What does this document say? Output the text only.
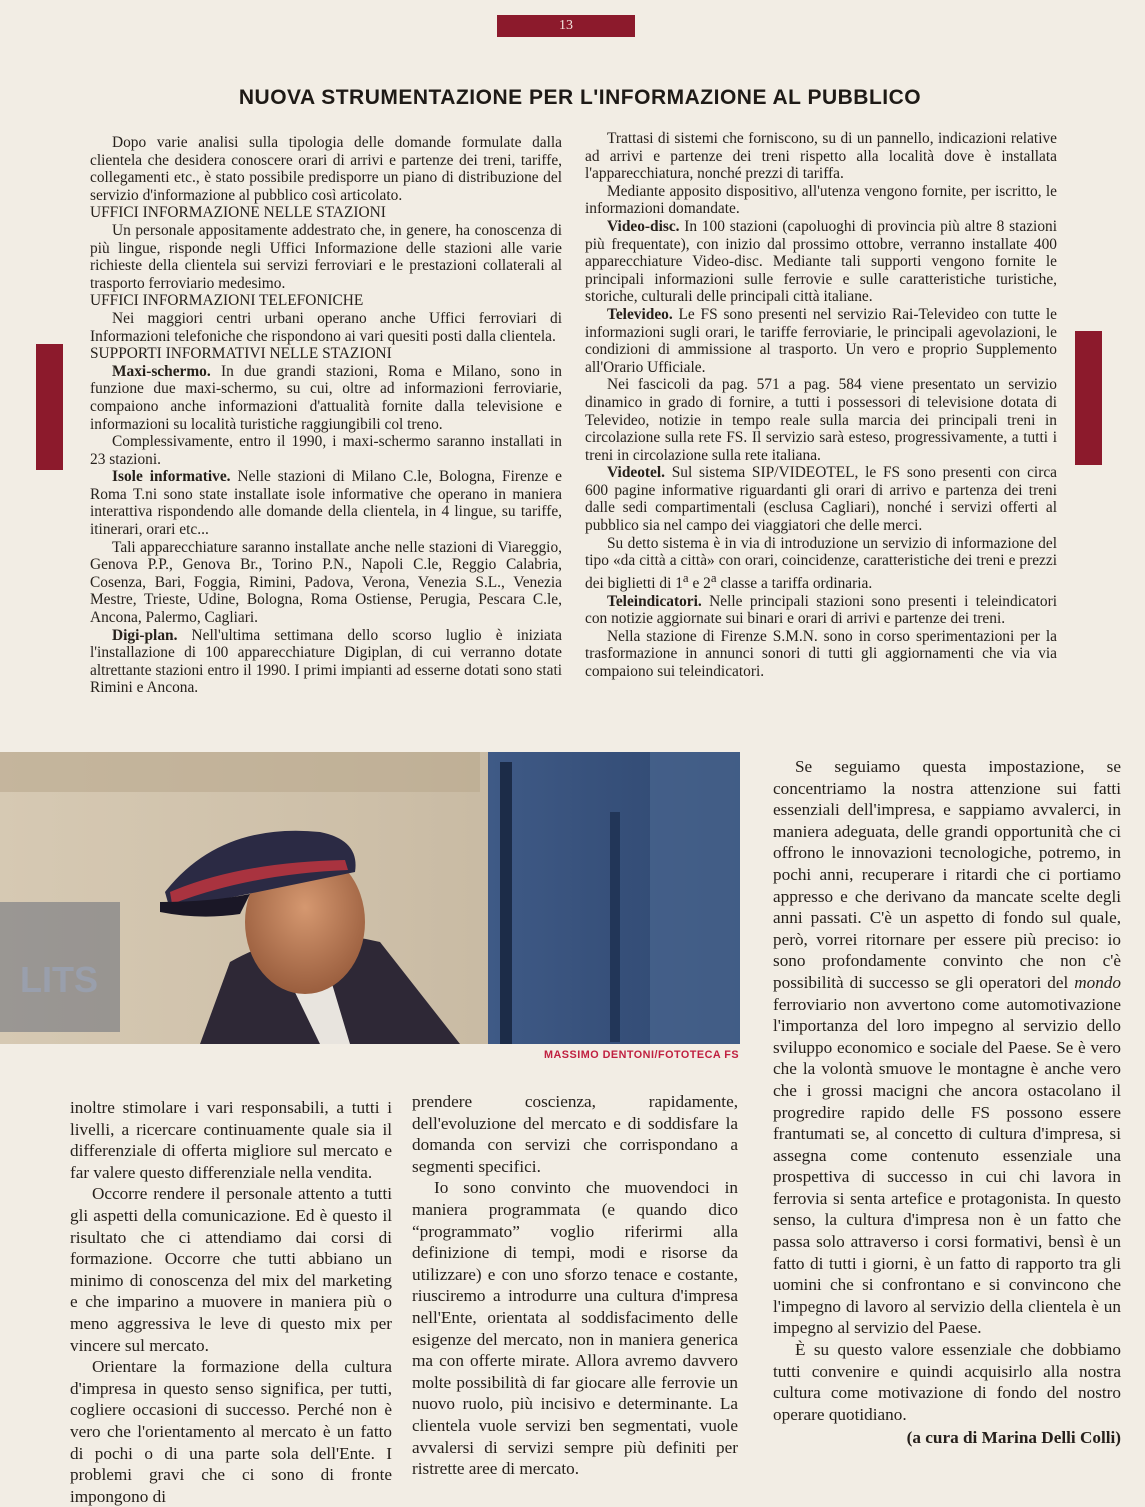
13
NUOVA STRUMENTAZIONE PER L'INFORMAZIONE AL PUBBLICO

Dopo varie analisi sulla tipologia delle domande formulate dalla clientela che desidera conoscere orari di arrivi e partenze dei treni, tariffe, collegamenti etc., è stato possibile predisporre un piano di distribuzione del servizio d'informazione al pubblico così articolato.

UFFICI INFORMAZIONE NELLE STAZIONI

Un personale appositamente addestrato che, in genere, ha conoscenza di più lingue, risponde negli Uffici Informazione delle stazioni alle varie richieste della clientela sui servizi ferroviari e le prestazioni collaterali al trasporto ferroviario medesimo.

UFFICI INFORMAZIONI TELEFONICHE

Nei maggiori centri urbani operano anche Uffici ferroviari di Informazioni telefoniche che rispondono ai vari quesiti posti dalla clientela.

SUPPORTI INFORMATIVI NELLE STAZIONI

Maxi-schermo. In due grandi stazioni, Roma e Milano, sono in funzione due maxi-schermo, su cui, oltre ad informazioni ferroviarie, compaiono anche informazioni d'attualità fornite dalla televisione e informazioni su località turistiche raggiungibili col treno.

Complessivamente, entro il 1990, i maxi-schermo saranno installati in 23 stazioni.

Isole informative. Nelle stazioni di Milano C.le, Bologna, Firenze e Roma T.ni sono state installate isole informative che operano in maniera interattiva rispondendo alle domande della clientela, in 4 lingue, su tariffe, itinerari, orari etc...

Tali apparecchiature saranno installate anche nelle stazioni di Viareggio, Genova P.P., Genova Br., Torino P.N., Napoli C.le, Reggio Calabria, Cosenza, Bari, Foggia, Rimini, Padova, Verona, Venezia S.L., Venezia Mestre, Trieste, Udine, Bologna, Roma Ostiense, Perugia, Pescara C.le, Ancona, Palermo, Cagliari.

Digi-plan. Nell'ultima settimana dello scorso luglio è iniziata l'installazione di 100 apparecchiature Digiplan, di cui verranno dotate altrettante stazioni entro il 1990. I primi impianti ad esserne dotati sono stati Rimini e Ancona.

Trattasi di sistemi che forniscono, su di un pannello, indicazioni relative ad arrivi e partenze dei treni rispetto alla località dove è installata l'apparecchiatura, nonché prezzi di tariffa.

Mediante apposito dispositivo, all'utenza vengono fornite, per iscritto, le informazioni domandate.

Video-disc. In 100 stazioni (capoluoghi di provincia più altre 8 stazioni più frequentate), con inizio dal prossimo ottobre, verranno installate 400 apparecchiature Video-disc. Mediante tali supporti vengono fornite le principali informazioni sulle ferrovie e sulle caratteristiche turistiche, storiche, culturali delle principali città italiane.

Televideo. Le FS sono presenti nel servizio Rai-Televideo con tutte le informazioni sugli orari, le tariffe ferroviarie, le principali agevolazioni, le condizioni di ammissione al trasporto. Un vero e proprio Supplemento all'Orario Ufficiale.

Nei fascicoli da pag. 571 a pag. 584 viene presentato un servizio dinamico in grado di fornire, a tutti i possessori di televisione dotata di Televideo, notizie in tempo reale sulla marcia dei principali treni in circolazione sulla rete FS. Il servizio sarà esteso, progressivamente, a tutti i treni in circolazione sulla rete italiana.

Videotel. Sul sistema SIP/VIDEOTEL, le FS sono presenti con circa 600 pagine informative riguardanti gli orari di arrivo e partenza dei treni dalle sedi compartimentali (esclusa Cagliari), nonché i servizi offerti al pubblico sia nel campo dei viaggiatori che delle merci.

Su detto sistema è in via di introduzione un servizio di informazione del tipo «da città a città» con orari, coincidenze, caratteristiche dei treni e prezzi dei biglietti di 1$^a$ e 2$^a$ classe a tariffa ordinaria.

Teleindicatori. Nelle principali stazioni sono presenti i teleindicatori con notizie aggiornate sui binari e orari di arrivi e partenze dei treni.

Nella stazione di Firenze S.M.N. sono in corso sperimentazioni per la trasformazione in annunci sonori di tutti gli aggiornamenti che via via compaiono sui teleindicatori.

LITS
MASSIMO DENTONI/FOTOTECA FS

inoltre stimolare i vari responsabili, a tutti i livelli, a ricercare continuamente quale sia il differenziale di offerta migliore sul mercato e far valere questo differenziale nella vendita.

Occorre rendere il personale attento a tutti gli aspetti della comunicazione. Ed è questo il risultato che ci attendiamo dai corsi di formazione. Occorre che tutti abbiano un minimo di conoscenza del mix del marketing e che imparino a muovere in maniera più o meno aggressiva le leve di questo mix per vincere sul mercato.

Orientare la formazione della cultura d'impresa in questo senso significa, per tutti, cogliere occasioni di successo. Perché non è vero che l'orientamento al mercato è un fatto di pochi o di una parte sola dell'Ente. I problemi gravi che ci sono di fronte impongono di

prendere coscienza, rapidamente, dell'evoluzione del mercato e di soddisfare la domanda con servizi che corrispondano a segmenti specifici.

Io sono convinto che muovendoci in maniera programmata (e quando dico “programmato” voglio riferirmi alla definizione di tempi, modi e risorse da utilizzare) e con uno sforzo tenace e costante, riusciremo a introdurre una cultura d'impresa nell'Ente, orientata al soddisfacimento delle esigenze del mercato, non in maniera generica ma con offerte mirate. Allora avremo davvero molte possibilità di far giocare alle ferrovie un nuovo ruolo, più incisivo e determinante. La clientela vuole servizi ben segmentati, vuole avvalersi di servizi sempre più definiti per ristrette aree di mercato.

Se seguiamo questa impostazione, se concentriamo la nostra attenzione sui fatti essenziali dell'impresa, e sappiamo avvalerci, in maniera adeguata, delle grandi opportunità che ci offrono le innovazioni tecnologiche, potremo, in pochi anni, recuperare i ritardi che ci portiamo appresso e che derivano da mancate scelte degli anni passati. C'è un aspetto di fondo sul quale, però, vorrei ritornare per essere più preciso: io sono profondamente convinto che non c'è possibilità di successo se gli operatori del mondo ferroviario non avvertono come automotivazione l'importanza del loro impegno al servizio dello sviluppo economico e sociale del Paese. Se è vero che la volontà smuove le montagne è anche vero che i grossi macigni che ancora ostacolano il progredire rapido delle FS possono essere frantumati se, al concetto di cultura d'impresa, si assegna come contenuto essenziale una prospettiva di successo in cui chi lavora in ferrovia si senta artefice e protagonista. In questo senso, la cultura d'impresa non è un fatto che passa solo attraverso i corsi formativi, bensì è un fatto di tutti i giorni, è un fatto di rapporto tra gli uomini che si confrontano e si convincono che l'impegno di lavoro al servizio della clientela è un impegno al servizio del Paese.

È su questo valore essenziale che dobbiamo tutti convenire e quindi acquisirlo alla nostra cultura come motivazione di fondo del nostro operare quotidiano.

(a cura di Marina Delli Colli)
